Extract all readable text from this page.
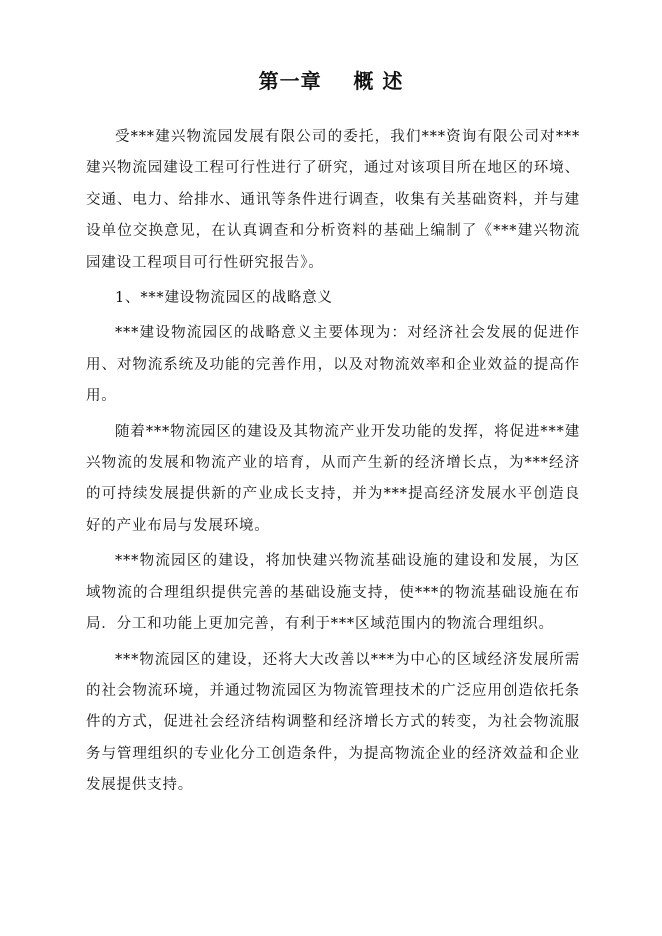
第一章    概 述

受***建兴物流园发展有限公司的委托，我们***资询有限公司对***建兴物流园建设工程可行性进行了研究，通过对该项目所在地区的环境、交通、电力、给排水、通讯等条件进行调查，收集有关基础资料，并与建设单位交换意见，在认真调查和分析资料的基础上编制了《***建兴物流园建设工程项目可行性研究报告》。

1、***建设物流园区的战略意义

***建设物流园区的战略意义主要体现为：对经济社会发展的促进作用、对物流系统及功能的完善作用，以及对物流效率和企业效益的提高作用。

随着***物流园区的建设及其物流产业开发功能的发挥，将促进***建兴物流的发展和物流产业的培育，从而产生新的经济增长点，为***经济的可持续发展提供新的产业成长支持，并为***提高经济发展水平创造良好的产业布局与发展环境。

***物流园区的建设，将加快建兴物流基础设施的建设和发展，为区域物流的合理组织提供完善的基础设施支持，使***的物流基础设施在布局．分工和功能上更加完善，有利于***区域范围内的物流合理组织。

***物流园区的建设，还将大大改善以***为中心的区域经济发展所需的社会物流环境，并通过物流园区为物流管理技术的广泛应用创造依托条件的方式，促进社会经济结构调整和经济增长方式的转变，为社会物流服务与管理组织的专业化分工创造条件，为提高物流企业的经济效益和企业发展提供支持。
